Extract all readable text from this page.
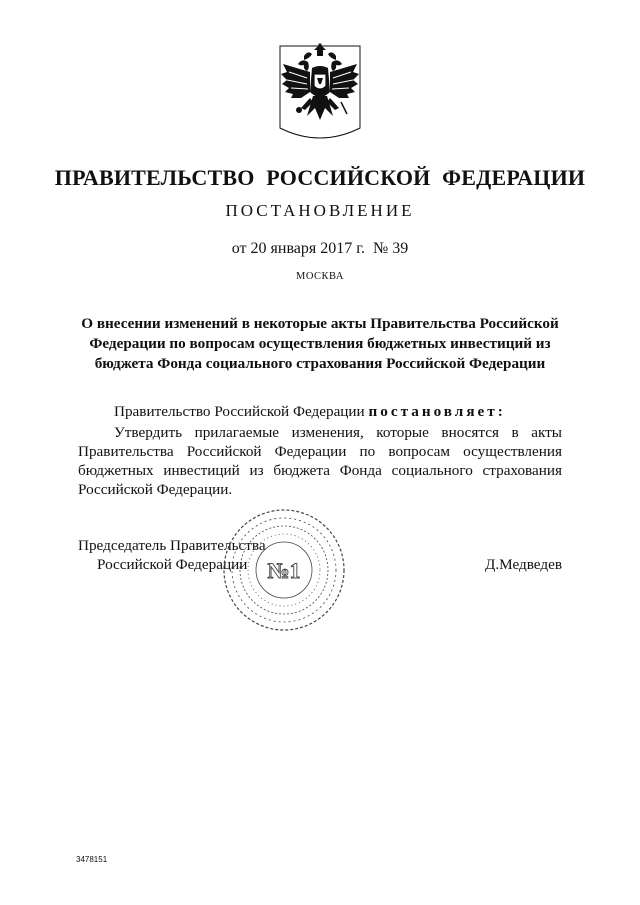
ПРАВИТЕЛЬСТВО РОССИЙСКОЙ ФЕДЕРАЦИИ
ПОСТАНОВЛЕНИЕ
от 20 января 2017 г. № 39
МОСКВА
О внесении изменений в некоторые акты Правительства Российской
Федерации по вопросам осуществления бюджетных инвестиций из
бюджета Фонда социального страхования Российской Федерации
Правительство Российской Федерации постановляет:
Утвердить прилагаемые изменения, которые вносятся в акты Правительства Российской Федерации по вопросам осуществления бюджетных инвестиций из бюджета Фонда социального страхования Российской Федерации.
Председатель Правительства
Российской Федерации	Д.Медведев
№1
3478151
